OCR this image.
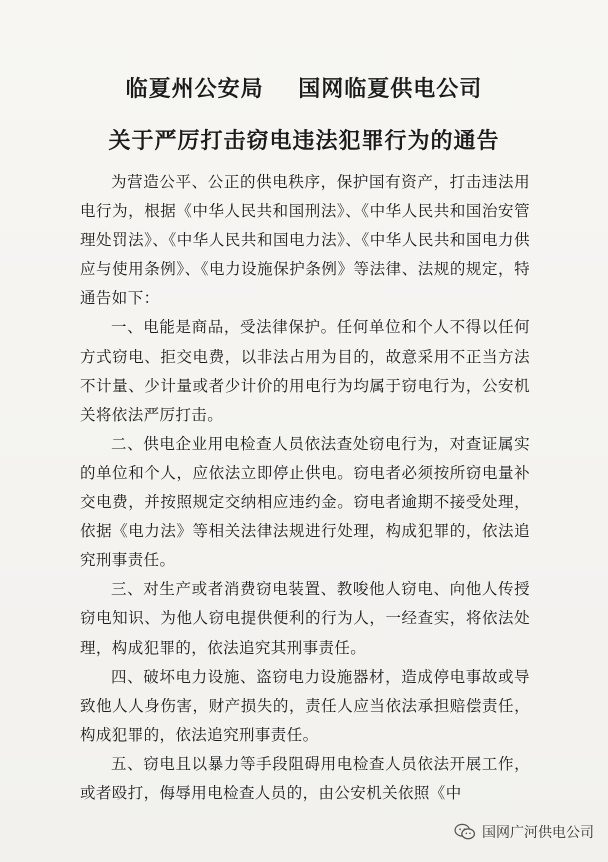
临夏州公安局    国网临夏供电公司
关于严厉打击窃电违法犯罪行为的通告

为营造公平、公正的供电秩序，保护国有资产，打击违法用电行为，根据《中华人民共和国刑法》、《中华人民共和国治安管理处罚法》、《中华人民共和国电力法》、《中华人民共和国电力供应与使用条例》、《电力设施保护条例》等法律、法规的规定，特通告如下：

一、电能是商品，受法律保护。任何单位和个人不得以任何方式窃电、拒交电费，以非法占用为目的，故意采用不正当方法不计量、少计量或者少计价的用电行为均属于窃电行为，公安机关将依法严厉打击。

二、供电企业用电检查人员依法查处窃电行为，对查证属实的单位和个人，应依法立即停止供电。窃电者必须按所窃电量补交电费，并按照规定交纳相应违约金。窃电者逾期不接受处理，依据《电力法》等相关法律法规进行处理，构成犯罪的，依法追究刑事责任。

三、对生产或者消费窃电装置、教唆他人窃电、向他人传授窃电知识、为他人窃电提供便利的行为人，一经查实，将依法处理，构成犯罪的，依法追究其刑事责任。

四、破坏电力设施、盗窃电力设施器材，造成停电事故或导致他人人身伤害，财产损失的，责任人应当依法承担赔偿责任，构成犯罪的，依法追究刑事责任。

五、窃电且以暴力等手段阻碍用电检查人员依法开展工作，或者殴打，侮辱用电检查人员的，由公安机关依照《中

国网广河供电公司
